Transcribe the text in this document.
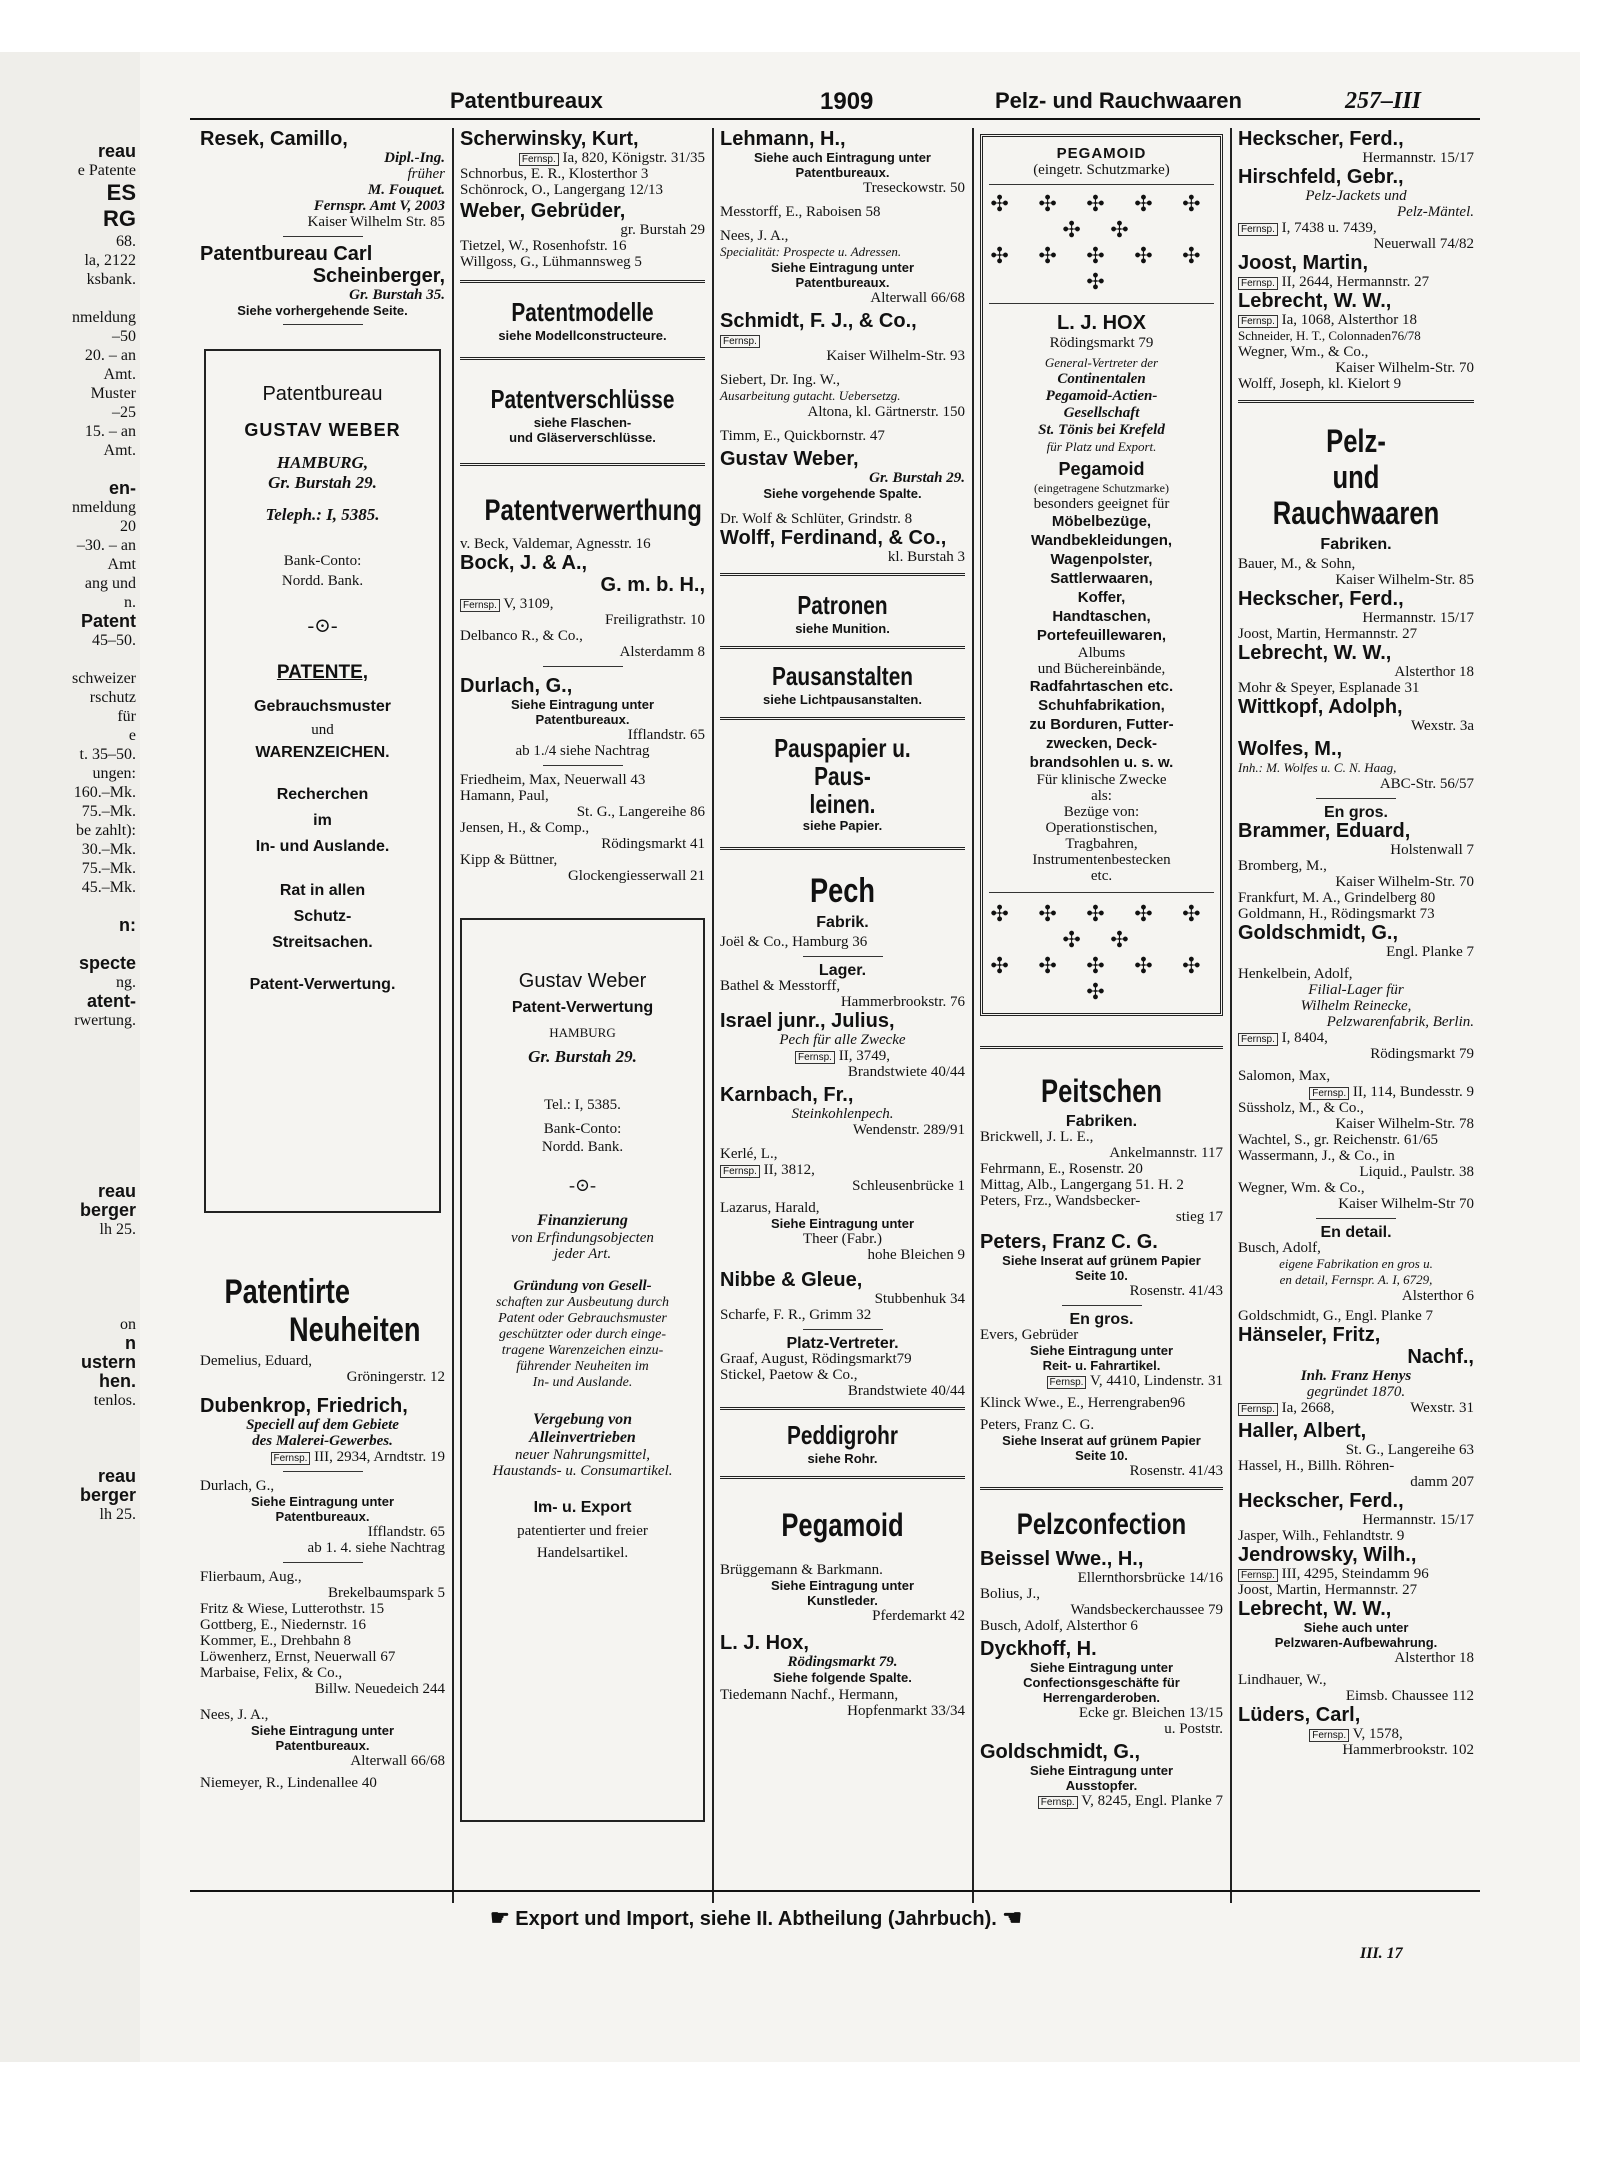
reau
e Patente
ES
RG
68.
la, 2122
ksbank.

nmeldung
–50
20. – an
Amt.
Muster
–25
15. – an
Amt.

en-
nmeldung
20
–30. – an
Amt
ang und
n.
Patent
45–50.

schweizer
rschutz
für
e
t. 35–50.
ungen:
160.–Mk.
75.–Mk.
be zahlt):
30.–Mk.
75.–Mk.
45.–Mk.

n:

specte
ng.
atent-
rwertung.
reau
berger
lh 25.

on
n
ustern
hen.
tenlos.

reau
berger
lh 25.
Patentbureaux	1909	Pelz- und Rauchwaaren	257–III
Resek, Camillo,
Dipl.-Ing.
früher
M. Fouquet.
Fernspr. Amt V, 2003
Kaiser Wilhelm Str. 85
Patentbureau Carl
Scheinberger,
Gr. Burstah 35.
Siehe vorhergehende Seite.
Patentbureau
GUSTAV WEBER
HAMBURG,
Gr. Burstah 29.
Teleph.: I, 5385.
Bank-Conto:
Nordd. Bank.
-⊙-
PATENTE,
Gebrauchsmuster
und
WARENZEICHEN.
Recherchen
im
In- und Auslande.
Rat in allen
Schutz-
Streitsachen.
Patent-Verwertung.
Patentirte
Neuheiten
Demelius, Eduard,
Gröningerstr. 12
Dubenkrop, Friedrich,
Speciell auf dem Gebiete
des Malerei-Gewerbes.
Fernsp. III, 2934, Arndtstr. 19
Durlach, G.,
Siehe Eintragung unter
Patentbureaux.
Ifflandstr. 65
ab 1. 4. siehe Nachtrag
Flierbaum, Aug.,
Brekelbaumspark 5
Fritz & Wiese, Lutterothstr. 15
Gottberg, E., Niedernstr. 16
Kommer, E., Drehbahn 8
Löwenherz, Ernst, Neuerwall 67
Marbaise, Felix, & Co.,
Billw. Neuedeich 244
Nees, J. A.,
Siehe Eintragung unter
Patentbureaux.
Alterwall 66/68
Niemeyer, R., Lindenallee 40
Scherwinsky, Kurt,
Fernsp. Ia, 820, Königstr. 31/35
Schnorbus, E. R., Klosterthor 3
Schönrock, O., Langergang 12/13
Weber, Gebrüder,
gr. Burstah 29
Tietzel, W., Rosenhofstr. 16
Willgoss, G., Lühmannsweg 5
Patentmodelle
siehe Modellconstructeure.
Patentverschlüsse
siehe Flaschen-
und Gläserverschlüsse.
Patentverwerthung
v. Beck, Valdemar, Agnesstr. 16
Bock, J. & A.,
G. m. b. H.,
Fernsp. V, 3109,
Freiligrathstr. 10
Delbanco R., & Co.,
Alsterdamm 8
Durlach, G.,
Siehe Eintragung unter
Patentbureaux.
Ifflandstr. 65
ab 1./4 siehe Nachtrag
Friedheim, Max, Neuerwall 43
Hamann, Paul,
St. G., Langereihe 86
Jensen, H., & Comp.,
Rödingsmarkt 41
Kipp & Büttner,
Glockengiesserwall 21
Gustav Weber
Patent-Verwertung
HAMBURG
Gr. Burstah 29.
Tel.: I, 5385.
Bank-Conto:
Nordd. Bank.
-⊙-
Finanzierung
von Erfindungsobjecten
jeder Art.
Gründung von Gesell-
schaften zur Ausbeutung durch
Patent oder Gebrauchsmuster
geschützter oder durch einge-
tragene Warenzeichen einzu-
führender Neuheiten im
In- und Auslande.
Vergebung von
Alleinvertrieben
neuer Nahrungsmittel,
Haustands- u. Consumartikel.
Im- u. Export
patentierter und freier
Handelsartikel.
Lehmann, H.,
Siehe auch Eintragung unter
Patentbureaux.
Treseckowstr. 50
Messtorff, E., Raboisen 58
Nees, J. A.,
Specialität: Prospecte u. Adressen.
Siehe Eintragung unter
Patentbureaux.
Alterwall 66/68
Schmidt, F. J., & Co.,
Fernsp.
Kaiser Wilhelm-Str. 93
Siebert, Dr. Ing. W.,
Ausarbeitung gutacht. Uebersetzg.
Altona, kl. Gärtnerstr. 150
Timm, E., Quickbornstr. 47
Gustav Weber,
Gr. Burstah 29.
Siehe vorgehende Spalte.
Dr. Wolf & Schlüter, Grindstr. 8
Wolff, Ferdinand, & Co.,
kl. Burstah 3
Patronen
siehe Munition.
Pausanstalten
siehe Lichtpausanstalten.
Pauspapier u. Paus-
leinen.
siehe Papier.
Pech
Fabrik.
Joël & Co., Hamburg 36
Lager.
Bathel & Messtorff,
Hammerbrookstr. 76
Israel junr., Julius,
Pech für alle Zwecke
Fernsp. II, 3749,
Brandstwiete 40/44
Karnbach, Fr.,
Steinkohlenpech.
Wendenstr. 289/91
Kerlé, L.,
Fernsp. II, 3812,
Schleusenbrücke 1
Lazarus, Harald,
Siehe Eintragung unter
Theer (Fabr.)
hohe Bleichen 9
Nibbe & Gleue,
Stubbenhuk 34
Scharfe, F. R., Grimm 32
Platz-Vertreter.
Graaf, August, Rödingsmarkt79
Stickel, Paetow & Co.,
Brandstwiete 40/44
Peddigrohr
siehe Rohr.
Pegamoid
Brüggemann & Barkmann.
Siehe Eintragung unter
Kunstleder.
Pferdemarkt 42
L. J. Hox,
Rödingsmarkt 79.
Siehe folgende Spalte.
Tiedemann Nachf., Hermann,
Hopfenmarkt 33/34
PEGAMOID
(eingetr. Schutzmarke)
✣ ✣ ✣ ✣ ✣ ✣ ✣
✣ ✣ ✣ ✣ ✣ ✣
L. J. HOX
Rödingsmarkt 79
General-Vertreter der
Continentalen
Pegamoid-Actien-
Gesellschaft
St. Tönis bei Krefeld
für Platz und Export.
Pegamoid
(eingetragene Schutzmarke)
besonders geeignet für
Möbelbezüge,
Wandbekleidungen,
Wagenpolster,
Sattlerwaaren,
Koffer,
Handtaschen,
Portefeuillewaren,
Albums
und Büchereinbände,
Radfahrtaschen etc.
Schuhfabrikation,
zu Borduren, Futter-
zwecken, Deck-
brandsohlen u. s. w.
Für klinische Zwecke
als:
Bezüge von:
Operationstischen,
Tragbahren,
Instrumentenbestecken
etc.
✣ ✣ ✣ ✣ ✣ ✣ ✣
✣ ✣ ✣ ✣ ✣ ✣
Peitschen
Fabriken.
Brickwell, J. L. E.,
Ankelmannstr. 117
Fehrmann, E., Rosenstr. 20
Mittag, Alb., Langergang 51. H. 2
Peters, Frz., Wandsbecker-
stieg 17
Peters, Franz C. G.
Siehe Inserat auf grünem Papier
Seite 10.
Rosenstr. 41/43
En gros.
Evers, Gebrüder
Siehe Eintragung unter
Reit- u. Fahrartikel.
Fernsp. V, 4410, Lindenstr. 31
Klinck Wwe., E., Herrengraben96
Peters, Franz C. G.
Siehe Inserat auf grünem Papier
Seite 10.
Rosenstr. 41/43
Pelzconfection
Beissel Wwe., H.,
Ellernthorsbrücke 14/16
Bolius, J.,
Wandsbeckerchaussee 79
Busch, Adolf, Alsterthor 6
Dyckhoff, H.
Siehe Eintragung unter
Confectionsgeschäfte für
Herrengarderoben.
Ecke gr. Bleichen 13/15
u. Poststr.
Goldschmidt, G.,
Siehe Eintragung unter
Ausstopfer.
Fernsp. V, 8245, Engl. Planke 7
Heckscher, Ferd.,
Hermannstr. 15/17
Hirschfeld, Gebr.,
Pelz-Jackets und
Pelz-Mäntel.
Fernsp. I, 7438 u. 7439,
Neuerwall 74/82
Joost, Martin,
Fernsp. II, 2644, Hermannstr. 27
Lebrecht, W. W.,
Fernsp. Ia, 1068, Alsterthor 18
Schneider, H. T., Colonnaden76/78
Wegner, Wm., & Co.,
Kaiser Wilhelm-Str. 70
Wolff, Joseph, kl. Kielort 9
Pelz-
und Rauchwaaren
Fabriken.
Bauer, M., & Sohn,
Kaiser Wilhelm-Str. 85
Heckscher, Ferd.,
Hermannstr. 15/17
Joost, Martin, Hermannstr. 27
Lebrecht, W. W.,
Alsterthor 18
Mohr & Speyer, Esplanade 31
Wittkopf, Adolph,
Wexstr. 3a
Wolfes, M.,
Inh.: M. Wolfes u. C. N. Haag,
ABC-Str. 56/57
En gros.
Brammer, Eduard,
Holstenwall 7
Bromberg, M.,
Kaiser Wilhelm-Str. 70
Frankfurt, M. A., Grindelberg 80
Goldmann, H., Rödingsmarkt 73
Goldschmidt, G.,
Engl. Planke 7
Henkelbein, Adolf,
Filial-Lager für
Wilhelm Reinecke,
Pelzwarenfabrik, Berlin.
Fernsp. I, 8404,
Rödingsmarkt 79
Salomon, Max,
Fernsp. II, 114, Bundesstr. 9
Süssholz, M., & Co.,
Kaiser Wilhelm-Str. 78
Wachtel, S., gr. Reichenstr. 61/65
Wassermann, J., & Co., in
Liquid., Paulstr. 38
Wegner, Wm. & Co.,
Kaiser Wilhelm-Str 70
En detail.
Busch, Adolf,
eigene Fabrikation en gros u.
en detail, Fernspr. A. I, 6729,
Alsterthor 6
Goldschmidt, G., Engl. Planke 7
Hänseler, Fritz,
Nachf.,
Inh. Franz Henys
gegründet 1870.
Fernsp. Ia, 2668,	Wexstr. 31
Haller, Albert,
St. G., Langereihe 63
Hassel, H., Billh. Röhren-
damm 207
Heckscher, Ferd.,
Hermannstr. 15/17
Jasper, Wilh., Fehlandtstr. 9
Jendrowsky, Wilh.,
Fernsp. III, 4295, Steindamm 96
Joost, Martin, Hermannstr. 27
Lebrecht, W. W.,
Siehe auch unter
Pelzwaren-Aufbewahrung.
Alsterthor 18
Lindhauer, W.,
Eimsb. Chaussee 112
Lüders, Carl,
Fernsp. V, 1578,
Hammerbrookstr. 102
☛ Export und Import, siehe II. Abtheilung (Jahrbuch). ☚
III. 17
